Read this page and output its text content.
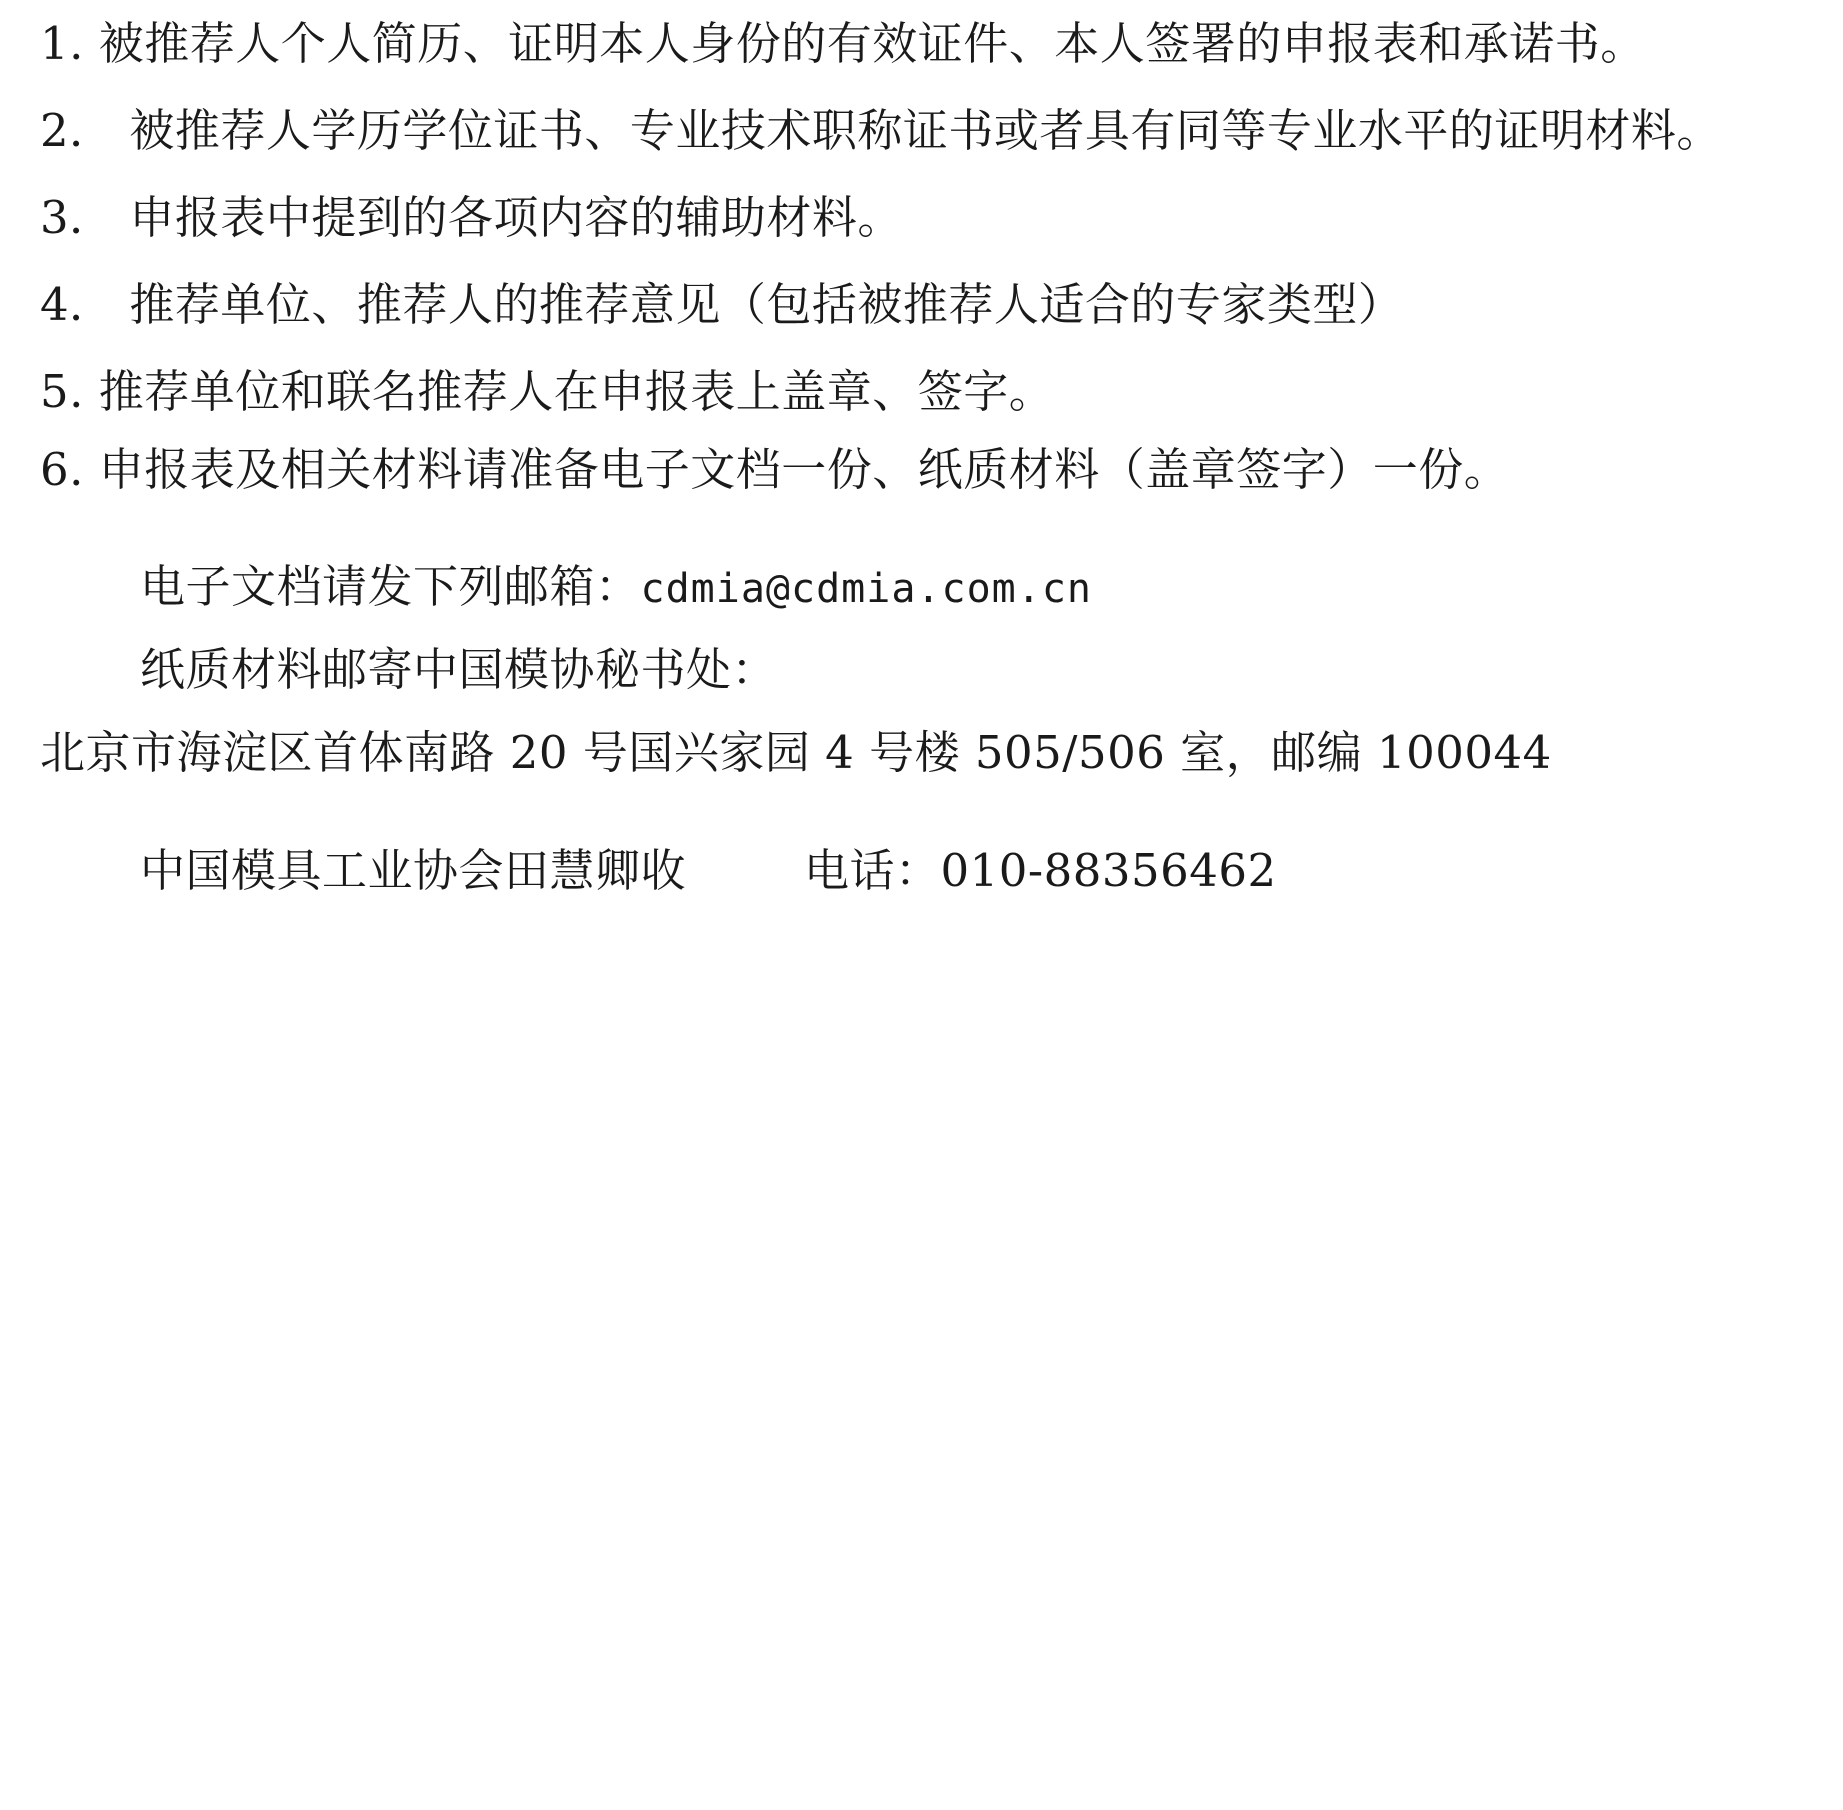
1. 被推荐人个人简历、证明本人身份的有效证件、本人签署的申报表和承诺书。

2． 被推荐人学历学位证书、专业技术职称证书或者具有同等专业水平的证明材料。

3． 申报表中提到的各项内容的辅助材料。

4． 推荐单位、推荐人的推荐意见（包括被推荐人适合的专家类型）

5. 推荐单位和联名推荐人在申报表上盖章、签字。

6. 申报表及相关材料请准备电子文档一份、纸质材料（盖章签字）一份。

电子文档请发下列邮箱：cdmia@cdmia.com.cn

纸质材料邮寄中国模协秘书处：

北京市海淀区首体南路 20 号国兴家园 4 号楼 505/506 室，邮编 100044

中国模具工业协会田慧卿收	电话：010-88356462
